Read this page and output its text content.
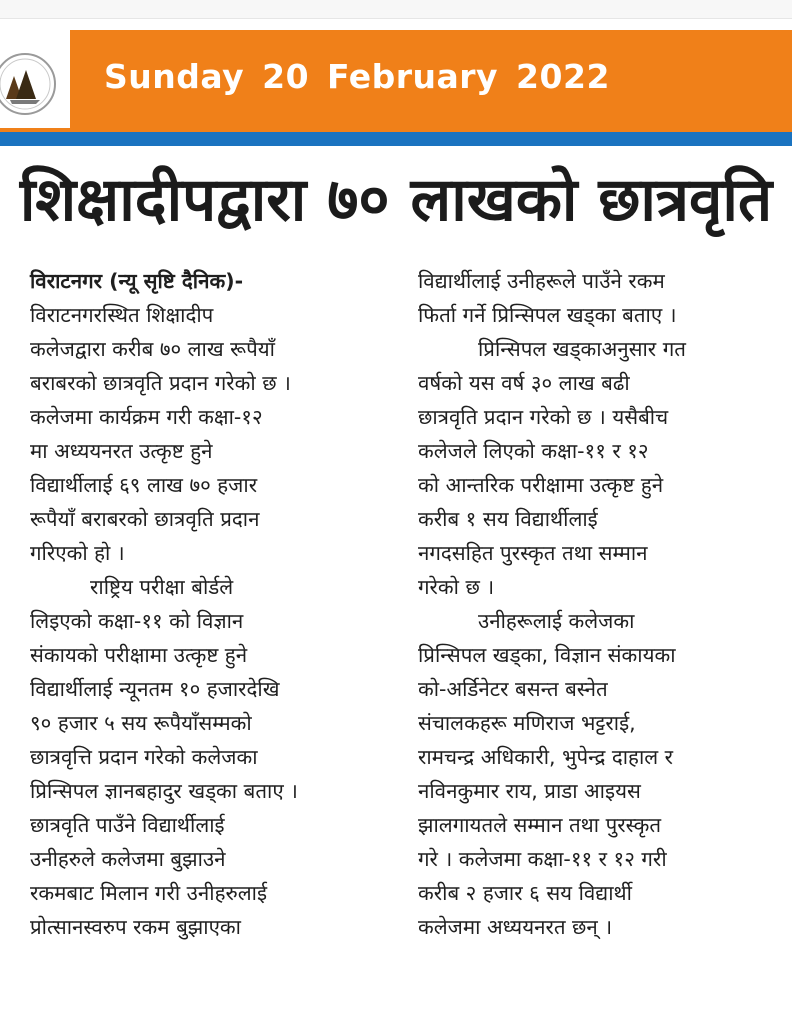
Sunday 20 February 2022
शिक्षादीपद्वारा ७० लाखको छात्रवृति
विराटनगर (न्यू सृष्टि दैनिक)-
विराटनगरस्थित शिक्षादीप
कलेजद्वारा करीब ७० लाख रूपैयाँ
बराबरको छात्रवृति प्रदान गरेको छ ।
कलेजमा कार्यक्रम गरी कक्षा-१२
मा अध्ययनरत उत्कृष्ट हुने
विद्यार्थीलाई ६९ लाख ७० हजार
रूपैयाँ बराबरको छात्रवृति प्रदान
गरिएको हो ।
राष्ट्रिय परीक्षा बोर्डले
लिइएको कक्षा-११ को विज्ञान
संकायको परीक्षामा उत्कृष्ट हुने
विद्यार्थीलाई न्यूनतम १० हजारदेखि
९० हजार ५ सय रूपैयाँसम्मको
छात्रवृत्ति प्रदान गरेको कलेजका
प्रिन्सिपल ज्ञानबहादुर खड्का बताए ।
छात्रवृति पाउँने विद्यार्थीलाई
उनीहरुले कलेजमा बुझाउने
रकमबाट मिलान गरी उनीहरुलाई
प्रोत्सानस्वरुप रकम बुझाएका
विद्यार्थीलाई उनीहरूले पाउँने रकम
फिर्ता गर्ने प्रिन्सिपल खड्का बताए ।
प्रिन्सिपल खड्काअनुसार गत
वर्षको यस वर्ष ३० लाख बढी
छात्रवृति प्रदान गरेको छ । यसैबीच
कलेजले लिएको कक्षा-११ र १२
को आन्तरिक परीक्षामा उत्कृष्ट हुने
करीब १ सय विद्यार्थीलाई
नगदसहित पुरस्कृत तथा सम्मान
गरेको छ ।
उनीहरूलाई कलेजका
प्रिन्सिपल खड्का, विज्ञान संकायका
को-अर्डिनेटर बसन्त बस्नेत
संचालकहरू मणिराज भट्टराई,
रामचन्द्र अधिकारी, भुपेन्द्र दाहाल र
नविनकुमार राय, प्राडा आइयस
झालगायतले सम्मान तथा पुरस्कृत
गरे । कलेजमा कक्षा-११ र १२ गरी
करीब २ हजार ६ सय विद्यार्थी
कलेजमा अध्ययनरत छन् ।
